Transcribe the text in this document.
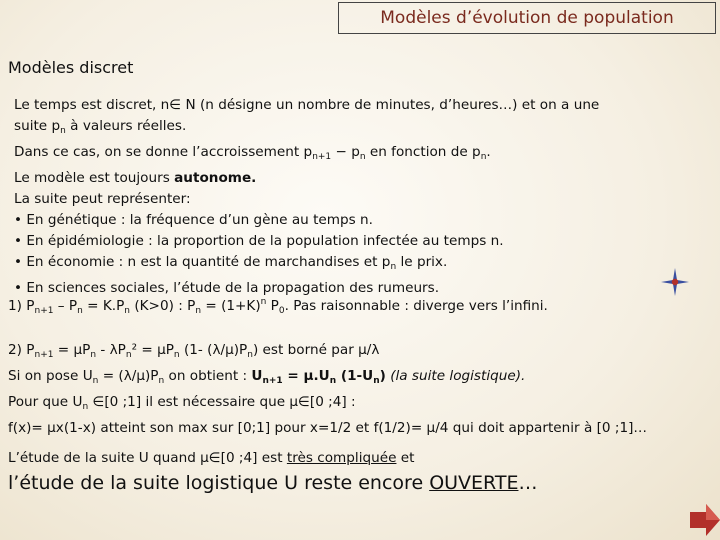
Modèles d’évolution de population
Modèles discret
Le temps est discret, n∈ N (n désigne un nombre de minutes, d’heures…) et on a une
suite $p_n$ à valeurs réelles.
Dans ce cas, on se donne l’accroissement $p_{n+1} - p_n$ en fonction de $p_n$.
Le modèle est toujours autonome.
La suite peut représenter:
• En génétique : la fréquence d’un gène au temps n.
• En épidémiologie : la proportion de la population infectée au temps n.
• En économie : n est la quantité de marchandises et $p_n$ le prix.
• En sciences sociales, l’étude de la propagation des rumeurs.
1) $P_{n+1} - P_n = K.P_n$ (K>0) : $P_n = (1+K)^n$ $P_0$. Pas raisonnable : diverge vers l’infini.
2) $P_{n+1} = \mu P_n - \lambda P_n^2 = \mu P_n$ (1- $(\lambda/\mu)P_n$) est borné par μ/λ
Si on pose $U_n = (\lambda/\mu)P_n$ on obtient : $U_{n+1} = \mu.U_n$ $(1-U_n)$ (la suite logistique).
Pour que $U_n$ ∈[0 ;1] il est nécessaire que μ∈[0 ;4] :
f(x)= μx(1-x) atteint son max sur [0;1] pour x=1/2 et f(1/2)= μ/4 qui doit appartenir à [0 ;1]…
L’étude de la suite U quand μ∈[0 ;4] est très compliquée et
l’étude de la suite logistique U reste encore OUVERTE…
